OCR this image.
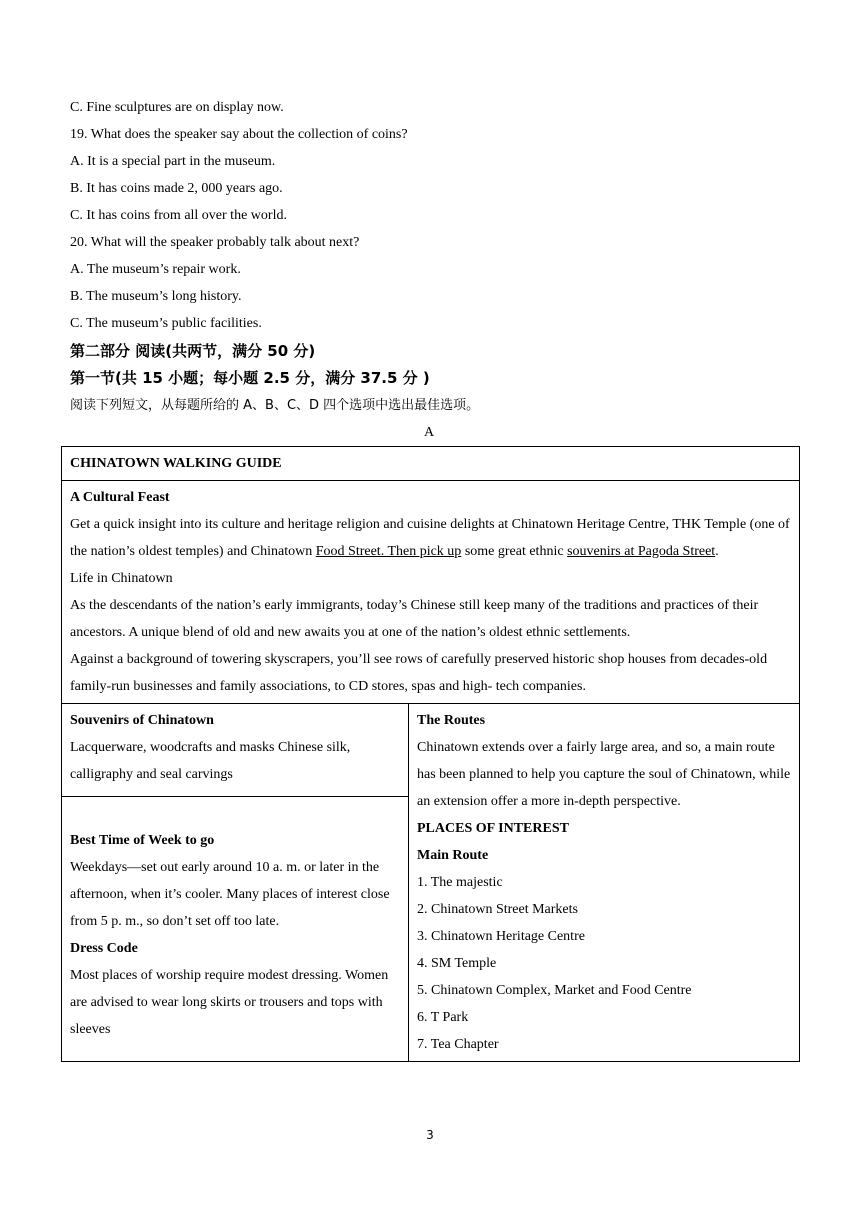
C. Fine sculptures are on display now.
19. What does the speaker say about the collection of coins?
A. It is a special part in the museum.
B. It has coins made 2, 000 years ago.
C. It has coins from all over the world.
20. What will the speaker probably talk about next?
A. The museum’s repair work.
B. The museum’s long history.
C. The museum’s public facilities.
第二部分 阅读(共两节，满分 50 分)
第一节(共 15 小题；每小题 2.5 分，满分 37.5 分 )
阅读下列短文，从每题所给的 A、B、C、D 四个选项中选出最佳选项。
A
CHINATOWN WALKING GUIDE

A Cultural Feast

Get a quick insight into its culture and heritage religion and cuisine delights at Chinatown Heritage Centre, THK Temple (one of the nation’s oldest temples) and Chinatown Food Street. Then pick up some great ethnic souvenirs at Pagoda Street.

Life in Chinatown

As the descendants of the nation’s early immigrants, today’s Chinese still keep many of the traditions and practices of their ancestors. A unique blend of old and new awaits you at one of the nation’s oldest ethnic settlements.

Against a background of towering skyscrapers, you’ll see rows of carefully preserved historic shop houses from decades-old family-run businesses and family associations, to CD stores, spas and high- tech companies.

Souvenirs of Chinatown

Lacquerware, woodcrafts and masks Chinese silk, calligraphy and seal carvings

The Routes

Chinatown extends over a fairly large area, and so, a main route has been planned to help you capture the soul of Chinatown, while an extension offer a more in-depth perspective.

PLACES OF INTEREST

Main Route

1. The majestic

2. Chinatown Street Markets

3. Chinatown Heritage Centre

4. SM Temple

5. Chinatown Complex, Market and Food Centre

6. T Park

7. Tea Chapter

Best Time of Week to go

Weekdays—set out early around 10 a. m. or later in the afternoon, when it’s cooler. Many places of interest close from 5 p. m., so don’t set off too late.

Dress Code

Most places of worship require modest dressing. Women are advised to wear long skirts or trousers and tops with sleeves

3
